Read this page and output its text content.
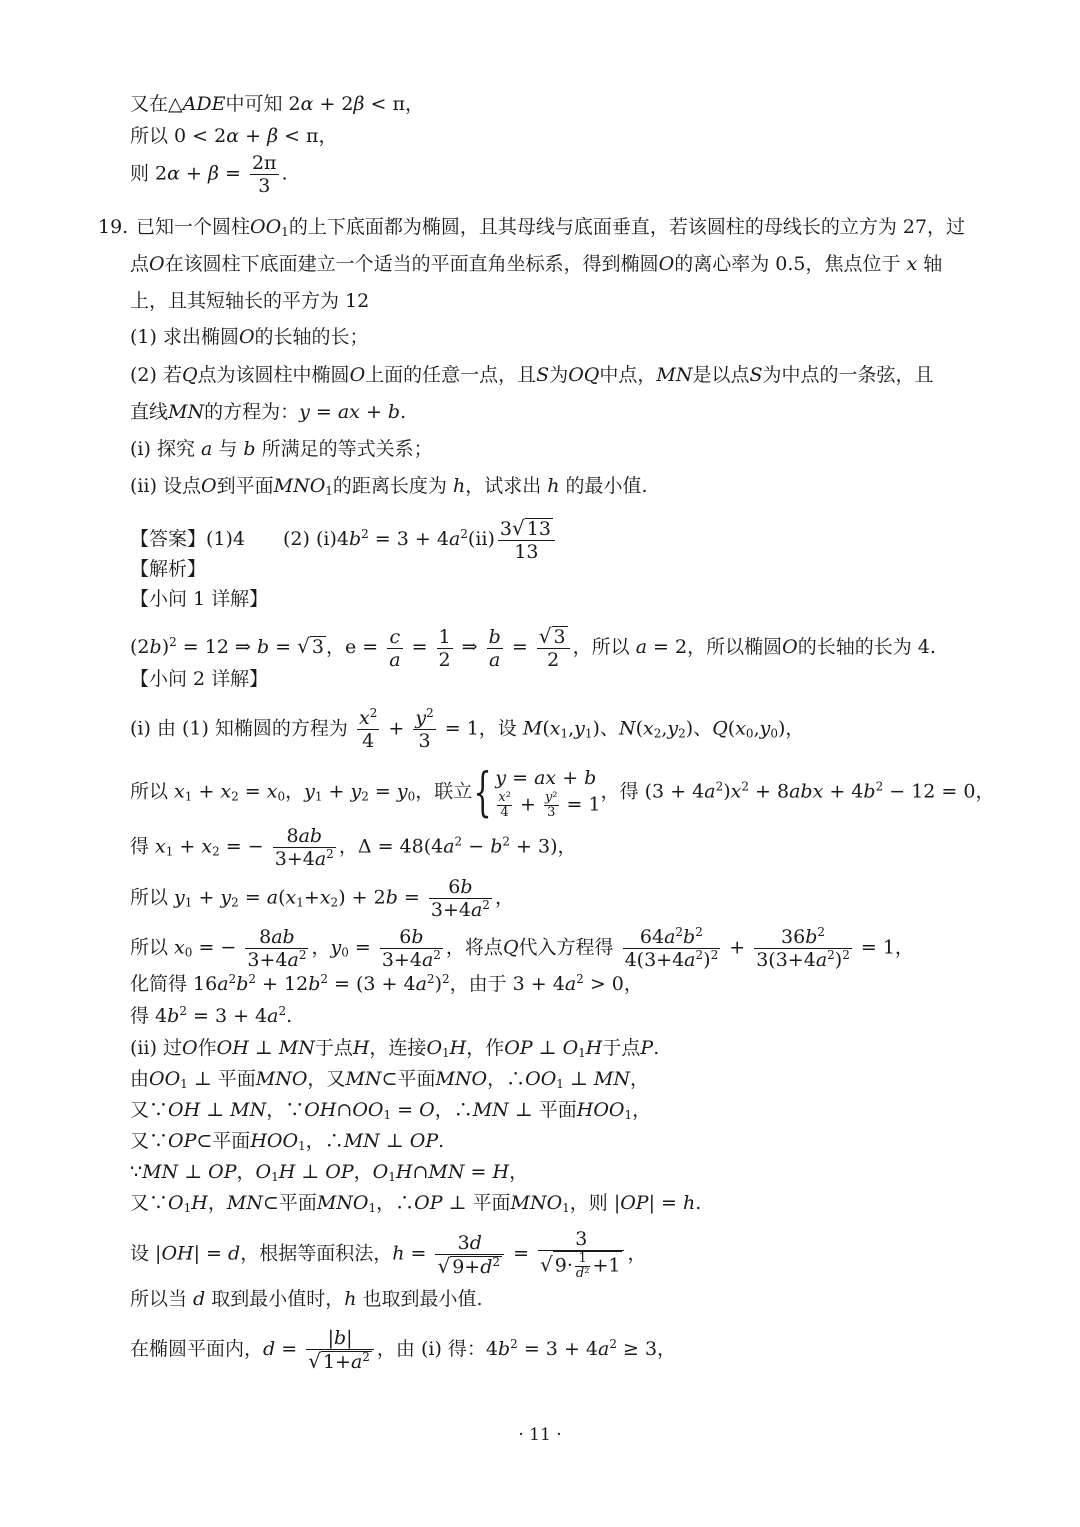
又在△ADE中可知 2α + 2β < π，
所以 0 < 2α + β < π，
则 $2\alpha + \beta = \frac{2\pi}{3}$ .
19. 已知一个圆柱$OO_1$的上下底面都为椭圆，且其母线与底面垂直，若该圆柱的母线长的立方为 27，过
点O在该圆柱下底面建立一个适当的平面直角坐标系，得到椭圆O的离心率为 0.5，焦点位于 x 轴
上，且其短轴长的平方为 12
(1) 求出椭圆O的长轴的长；
(2) 若Q点为该圆柱中椭圆O上面的任意一点，且S为OQ中点，MN是以点S为中点的一条弦，且
直线MN的方程为：y = ax + b.
(i) 探究 a 与 b 所满足的等式关系；
(ⅱ) 设点O到平面$MNO_1$的距离长度为 h，试求出 h 的最小值.
【答案】(1)4　　(2) $(i)4b^2 = 3$ + $4a^2(ⅱ) \frac{3√ 13}{13}$
【解析】
【小问 1 详解】
$(2b)^2 = 12$ ⇒ b = √ 3 ，$e = \frac{c}{a} = \frac{1}{2}$ ⇒ $\frac{b}{a} = \frac{√ 3}{2}$ ，所以 a = 2，所以椭圆O的长轴的长为 4.
【小问 2 详解】
(i) 由 (1) 知椭圆的方程为 $\frac{x^2}{4} + \frac{y^2}{3} = 1$，设 $M(x_1,y_1)$、$N(x_2,y_2)$、$Q(x_0,y_0)$，
所以 $x_1 + x_2 = x_0$，$y_1 + y_2 = y_0$，联立{ y = ax + b
$\frac{\text{x²}}{4} + \frac{\text{y²}}{3} = 1$
，得 $(3 + 4a^2)x^2 + 8abx + 4b^2 - 12 = 0$，
得 $x_1 + x_2$ = − $\frac{8ab}{3+4a^2}$ ，$\Delta = 48(4a^2 - b^2 + 3)$，
所以 $y_1 + y_2 = a(x_1+x_2) + 2b = \frac{6b}{3+4a^2}$ ，
所以 $x_0$ = − $\frac{8ab}{3+4a^2}$ ，$y_0 = \frac{6b}{3+4a^2}$ ，将点Q代入方程得 $\frac{64a^2b^2}{4(3+4a^2)^2} + \frac{36b^2}{3(3+4a^2)^2} = 1$，
化简得 $16a^2b^2 + 12b^2 = (3 + 4a^2)^2$，由于 $3 + 4a^2 > 0$，
得 $4b^2 = 3 + 4a^2$.
(ⅱ) 过O作OH ⊥ MN于点H，连接$O_1H$，作OP ⊥ $O_1H$于点P.
由$OO_1$ ⊥ 平面MNO，又MN⊂平面MNO，$\therefore OO_1$ ⊥ MN，
又∵OH ⊥ MN，$\because OH\cap OO_1 = O$，∴MN ⊥ 平面$HOO_1$，
又∵OP⊂平面$HOO_1$，∴MN ⊥ OP.
∵MN ⊥ OP，$O_1H$ ⊥ OP，$O_1H\cap MN = H$，
又$\because O_1H$，MN⊂平面$MNO_1$，∴OP ⊥ 平面$MNO_1$，则 |OP| = h.
设 |OH| = d，根据等面积法，$h = \frac{3d}{√ 9+d^2} = \frac{3}{√ 9\cdot \frac{1}{\text{d²}} +1}$ ，
所以当 d 取到最小值时，h 也取到最小值.
在椭圆平面内，$d = \frac{|b|}{√ 1+a^2}$ ，由 (i) 得：$4b^2 = 3 + 4a^2 \ge 3$，
· 11 ·
